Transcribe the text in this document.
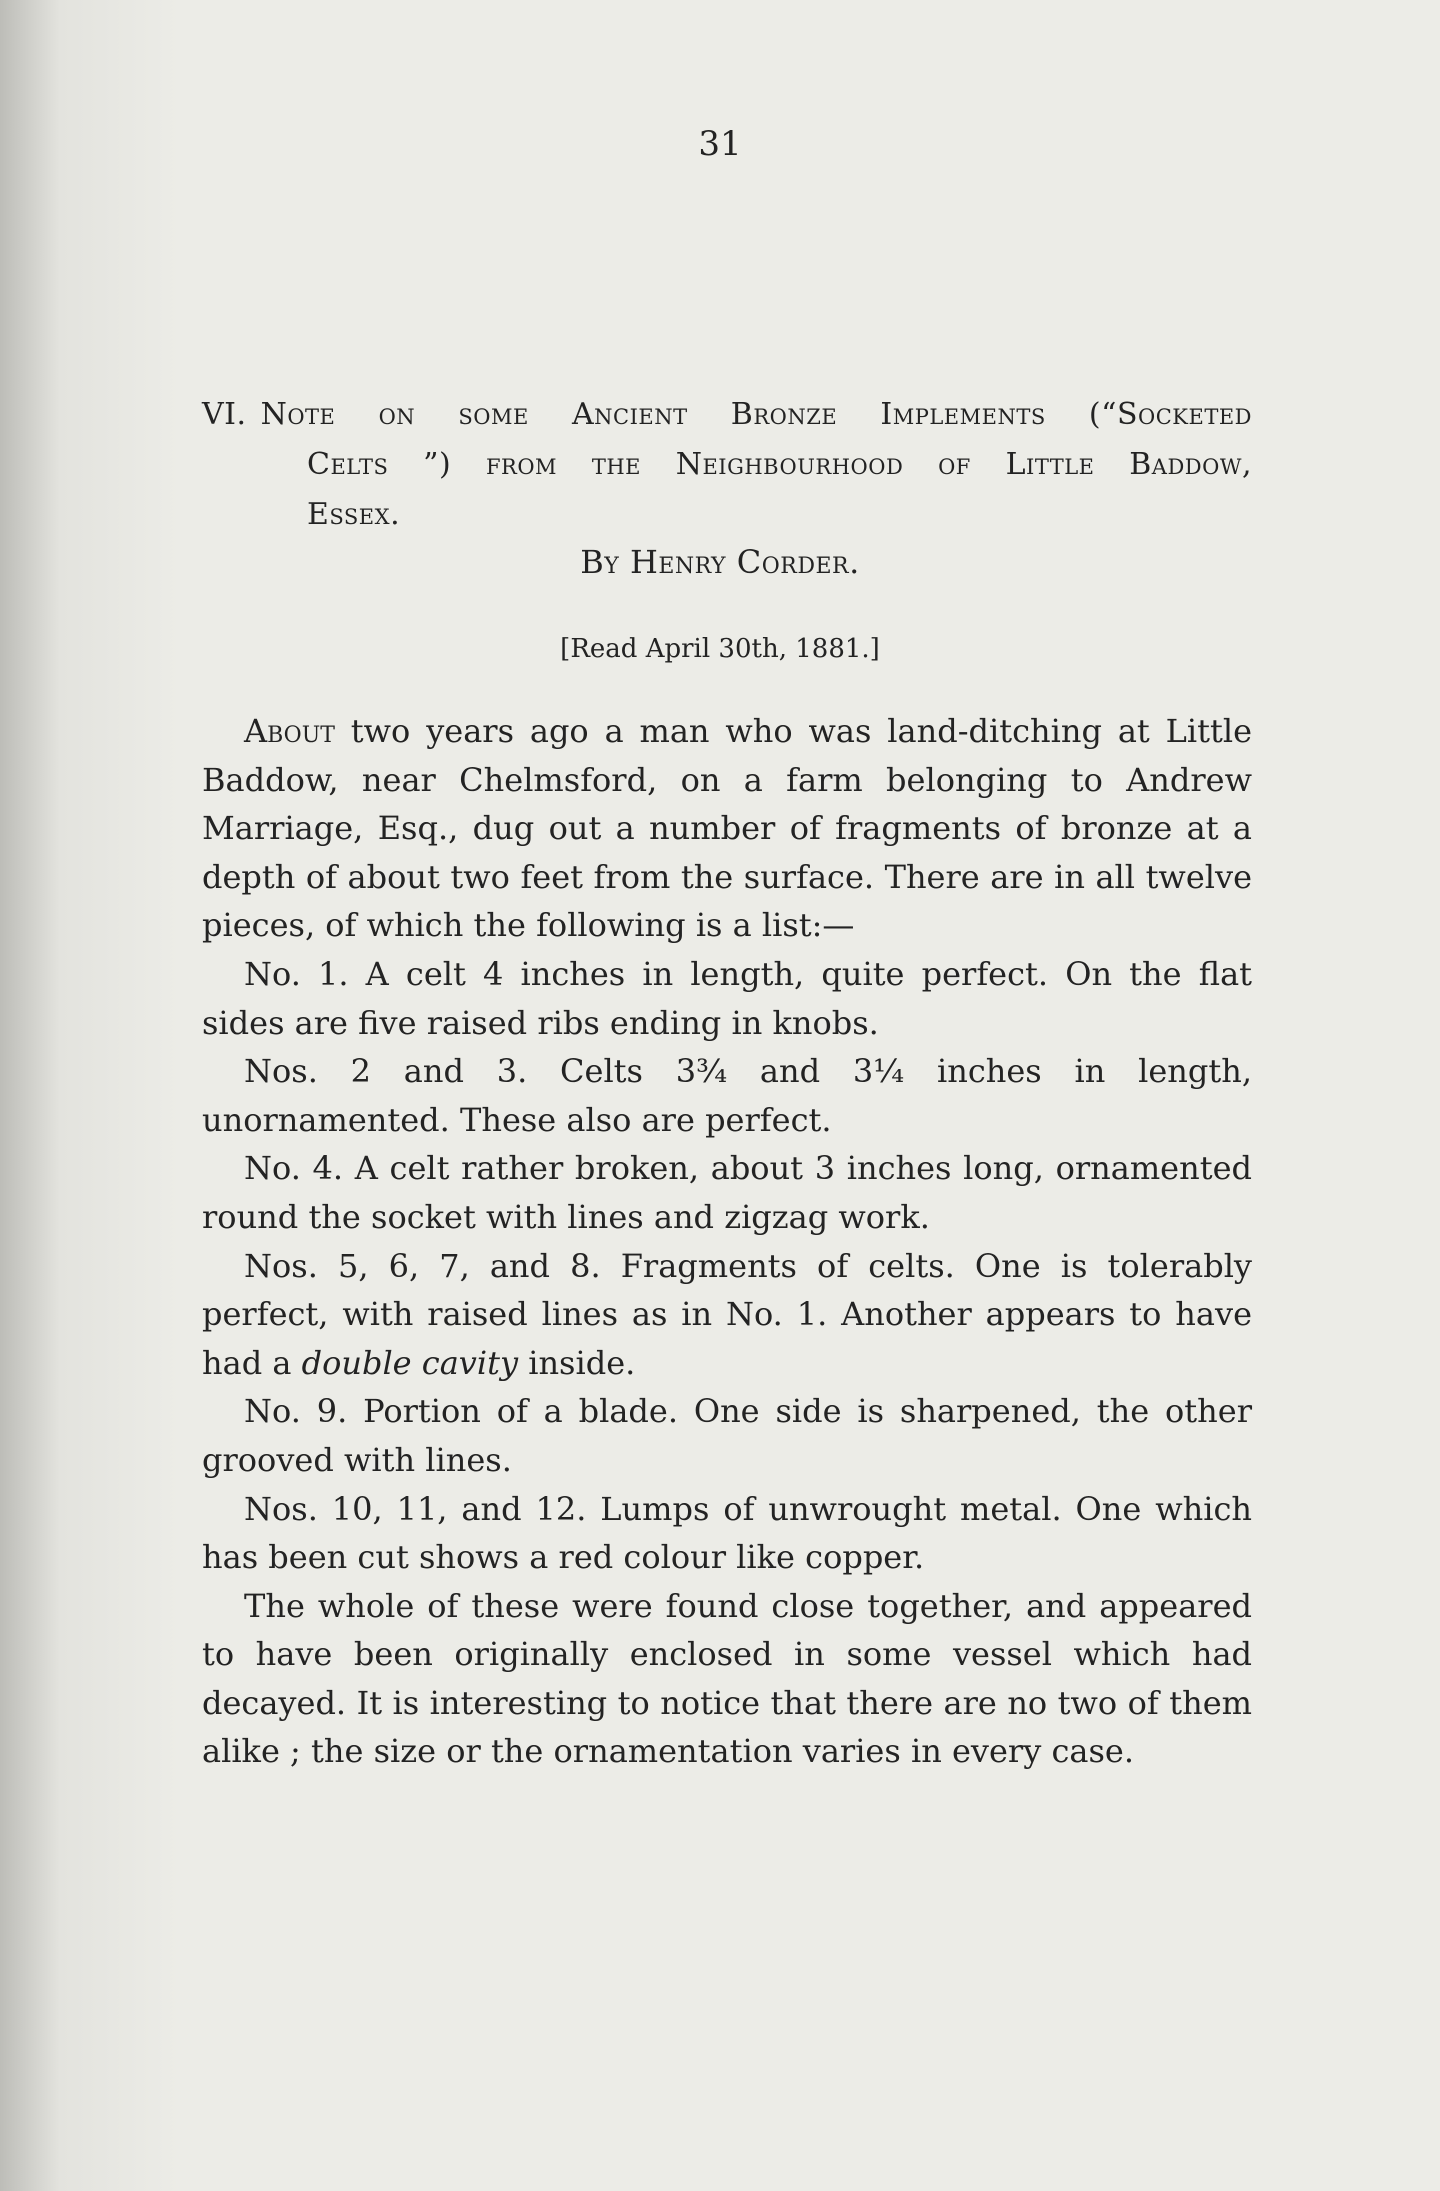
31
VI. Note on some Ancient Bronze Implements (“Socketed
Celts ”) from the Neighbourhood of Little Baddow,
Essex.
By Henry Corder.
[Read April 30th, 1881.]

About two years ago a man who was land-ditching at Little Baddow, near Chelmsford, on a farm belonging to Andrew Marriage, Esq., dug out a number of fragments of bronze at a depth of about two feet from the surface. There are in all twelve pieces, of which the following is a list:—

No. 1. A celt 4 inches in length, quite perfect. On the flat sides are five raised ribs ending in knobs.

Nos. 2 and 3. Celts 3¾ and 3¼ inches in length, unornamented. These also are perfect.

No. 4. A celt rather broken, about 3 inches long, ornamented round the socket with lines and zigzag work.

Nos. 5, 6, 7, and 8. Fragments of celts. One is tolerably perfect, with raised lines as in No. 1. Another appears to have had a double cavity inside.

No. 9. Portion of a blade. One side is sharpened, the other grooved with lines.

Nos. 10, 11, and 12. Lumps of unwrought metal. One which has been cut shows a red colour like copper.

The whole of these were found close together, and appeared to have been originally enclosed in some vessel which had decayed. It is interesting to notice that there are no two of them alike ; the size or the ornamentation varies in every case.
